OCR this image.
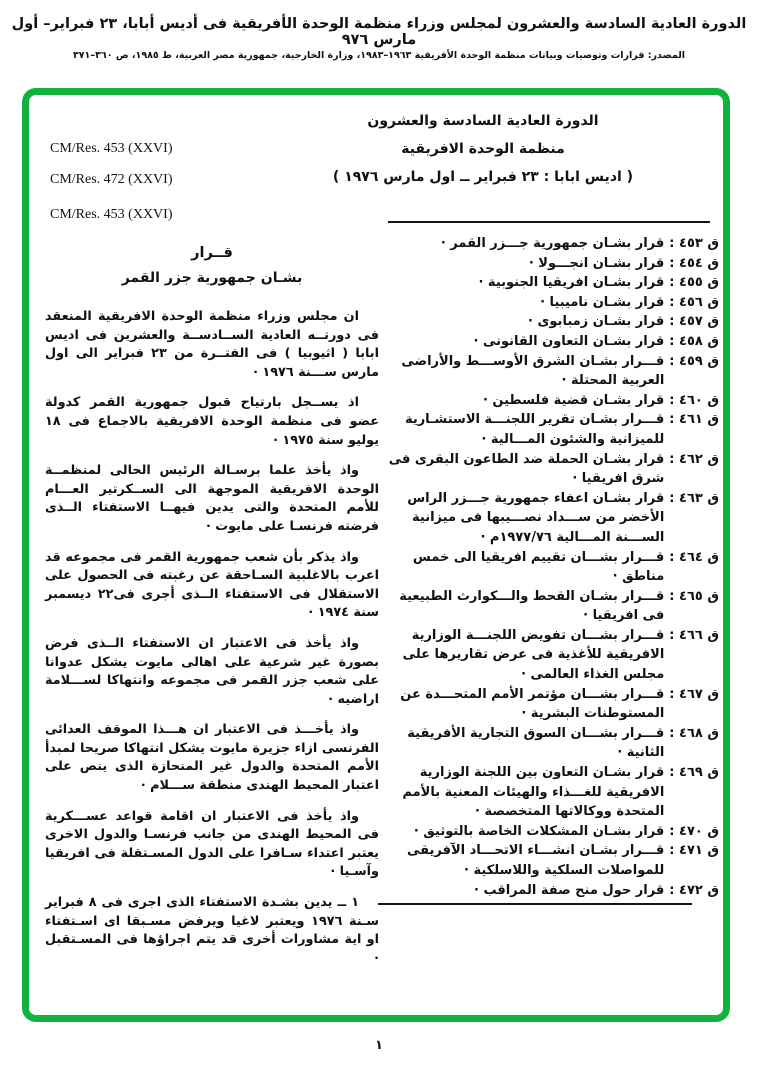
الدورة العادية السادسة والعشرون لمجلس وزراء منظمة الوحدة الأفريقية فى أديس أبابا، ٢٣ فبراير– أول مارس ٩٧٦
المصدر: قرارات وتوصيات وبيانات منظمة الوحدة الأفريقية ١٩٦٣–١٩٨٣، وزارة الخارجية، جمهورية مصر العربية، ط ١٩٨٥، ص ٣٦٠–٣٧١
الدورة العادية السادسة والعشرون
منظمة الوحدة الافريقية
( اديس ابابا : ٢٣ فبراير ــ اول مارس ١٩٧٦ )
CM/Res. 453 (XXVI)
CM/Res. 472 (XXVI)
CM/Res. 453 (XXVI)
ق ٤٥٣ :
قرار بشـان جمهورية جـــزر القمر ·
ق ٤٥٤ :
قرار بشـان انجـــولا ·
ق ٤٥٥ :
قرار بشـان افريقيا الجنوبية ·
ق ٤٥٦ :
قرار بشـان ناميبيا ·
ق ٤٥٧ :
قرار بشـان زمبابوى ·
ق ٤٥٨ :
قرار بشـان التعاون القانونى ·
ق ٤٥٩ :
قـــرار بشـان الشرق الأوســـط والأراضى العربية المحتلة ·
ق ٤٦٠ :
قرار بشـان قضية فلسطين ·
ق ٤٦١ :
قـــرار بشـان تقرير اللجنـــة الاستشـارية للميزانية والشئون المـــالية ·
ق ٤٦٢ :
قرار بشـان الحملة ضد الطاعون البقرى فى شرق افريقيا ·
ق ٤٦٣ :
قرار بشـان اعفاء جمهورية جـــزر الراس الأخضر من ســـداد نصـــيبها فى ميزانية الســـنة المـــالية ١٩٧٧/٧٦م ·
ق ٤٦٤ :
قـــرار بشـــان تقييم افريقيا الى خمس مناطق ·
ق ٤٦٥ :
قـــرار بشـان القحط والـــكوارث الطبيعية فى افريقيا ·
ق ٤٦٦ :
قـــرار بشـــان تفويض اللجنـــة الوزارية الافريقية للأغذية فى عرض تقاريرها على مجلس الغذاء العالمى ·
ق ٤٦٧ :
قـــرار بشـــان مؤتمر الأمم المتحـــدة عن المستوطنات البشرية ·
ق ٤٦٨ :
قـــرار بشـــان السوق التجارية الأفريقية الثانية ·
ق ٤٦٩ :
قرار بشـان التعاون بين اللجنة الوزارية الافريقية للغـــذاء والهيئات المعنية بالأمم المتحدة ووكالاتها المتخصصة ·
ق ٤٧٠ :
قرار بشـان المشكلات الخاصة بالتوثيق ·
ق ٤٧١ :
قـــرار بشـان انشـــاء الاتحـــاد الآفريقى للمواصلات السلكية واللاسلكية ·
ق ٤٧٢ :
قرار حول منح صفة المراقب ·
قــرار
بشـان جمهورية جزر القمر

ان مجلس وزراء منظمة الوحدة الافريقية المنعقد فى دورتــه العادية الســادســة والعشرين فى اديس ابابا ( اثيوبيا ) فى الفتــرة من ٢٣ فبراير الى اول مارس ســـنة ١٩٧٦ ·

اذ يســجل بارتياح قبول جمهورية القمر كدولة عضو فى منظمة الوحدة الافريقية بالاجماع فى ١٨ يوليو سنة ١٩٧٥ ·

واذ يأخذ علما برسـالة الرئيس الحالى لمنظمــة الوحدة الافريقية الموجهة الى الســكرتير العـــام للأمم المتحدة والتى يدين فيهــا الاستفتاء الــذى فرضته فرنسـا على مايوت ·

واذ يذكر بأن شعب جمهورية القمر فى مجموعه قد اعرب بالاغلبية السـاحقة عن رغبته فى الحصول على الاستقلال فى الاستفتاء الــذى أجرى فى٢٢ ديسمبر سنة ١٩٧٤ ·

واذ يأخذ فى الاعتبار ان الاستفتاء الــذى فرض بصورة غير شرعية على اهالى مايوت يشكل عدوانا على شعب جزر القمر فى مجموعه وانتهاكا لســـلامة اراضيه ·

واذ يأخـــذ فى الاعتبار ان هـــذا الموقف العدائى الفرنسى ازاء جزيرة مايوت يشكل انتهاكا صريحا لمبدأ الأمم المتحدة والدول غير المنحازة الذى ينص على اعتبار المحيط الهندى منطقة ســـلام ·

واذ يأخذ فى الاعتبار ان اقامة قواعد عســـكرية فى المحيط الهندى من جانب فرنسـا والدول الاخرى يعتبر اعتداء سـافرا على الدول المسـتقلة فى افريقيا وآسـيا ·

١ ــ يدين بشـدة الاستفتاء الذى اجرى فى ٨ فبراير سـنة ١٩٧٦ ويعتبر لاغيا ويرفض مسـبقا اى اسـتفتاء او اية مشاورات أخرى قد يتم اجراؤها فى المسـتقبل ·

١
